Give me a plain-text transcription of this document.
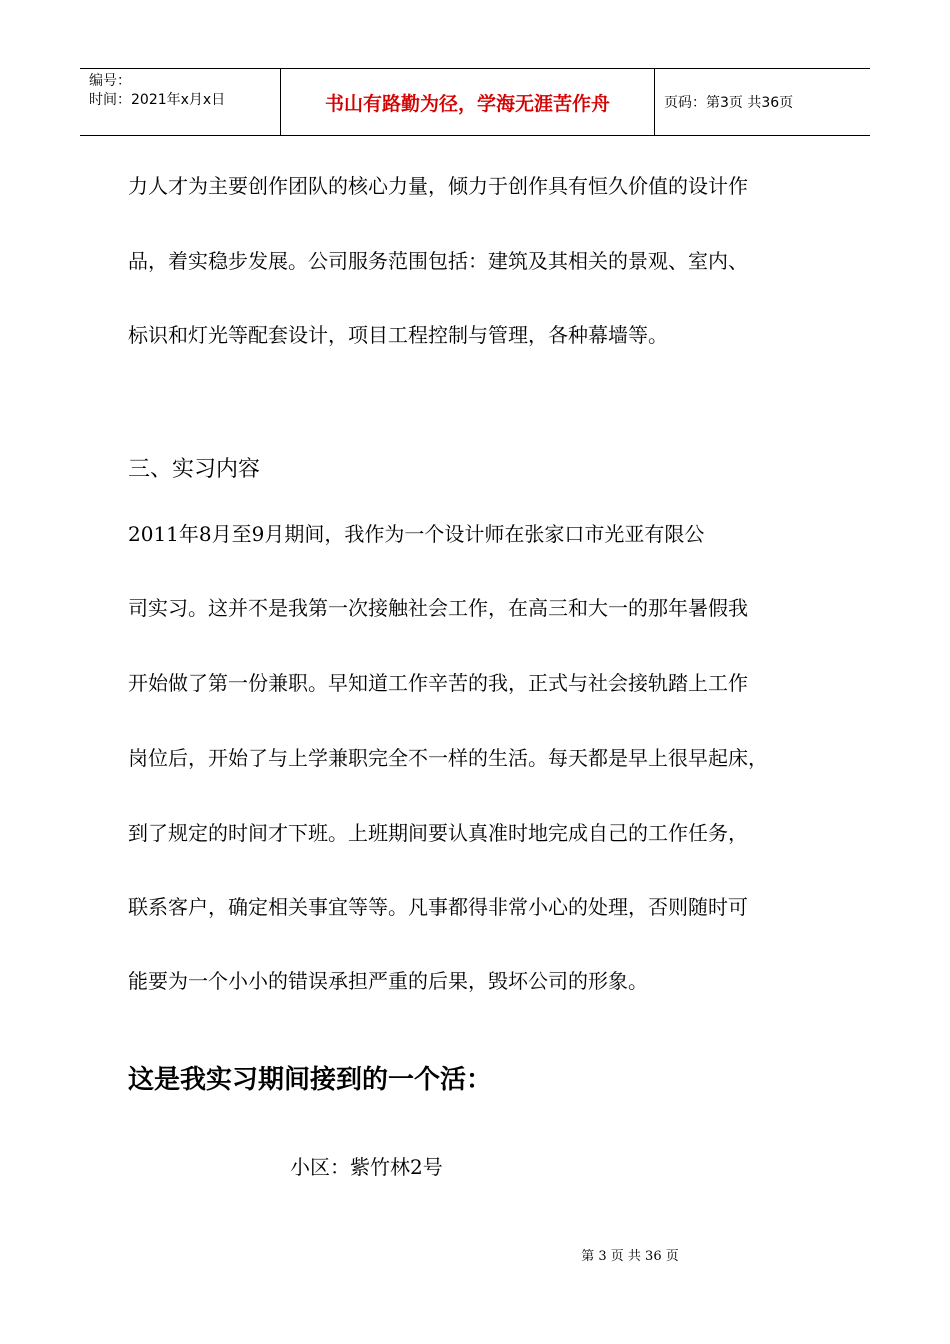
编号：
时间：2021年x月x日	书山有路勤为径，学海无涯苦作舟	页码：第3页 共36页
力人才为主要创作团队的核心力量，倾力于创作具有恒久价值的设计作
品，着实稳步发展。公司服务范围包括：建筑及其相关的景观、室内、
标识和灯光等配套设计，项目工程控制与管理，各种幕墙等。
三、实习内容
2011年8月至9月期间，我作为一个设计师在张家口市光亚有限公
司实习。这并不是我第一次接触社会工作，在高三和大一的那年暑假我
开始做了第一份兼职。早知道工作辛苦的我，正式与社会接轨踏上工作
岗位后，开始了与上学兼职完全不一样的生活。每天都是早上很早起床，
到了规定的时间才下班。上班期间要认真准时地完成自己的工作任务，
联系客户，确定相关事宜等等。凡事都得非常小心的处理，否则随时可
能要为一个小小的错误承担严重的后果，毁坏公司的形象。
这是我实习期间接到的一个活：
小区：紫竹林2号
第 3 页 共 36 页
